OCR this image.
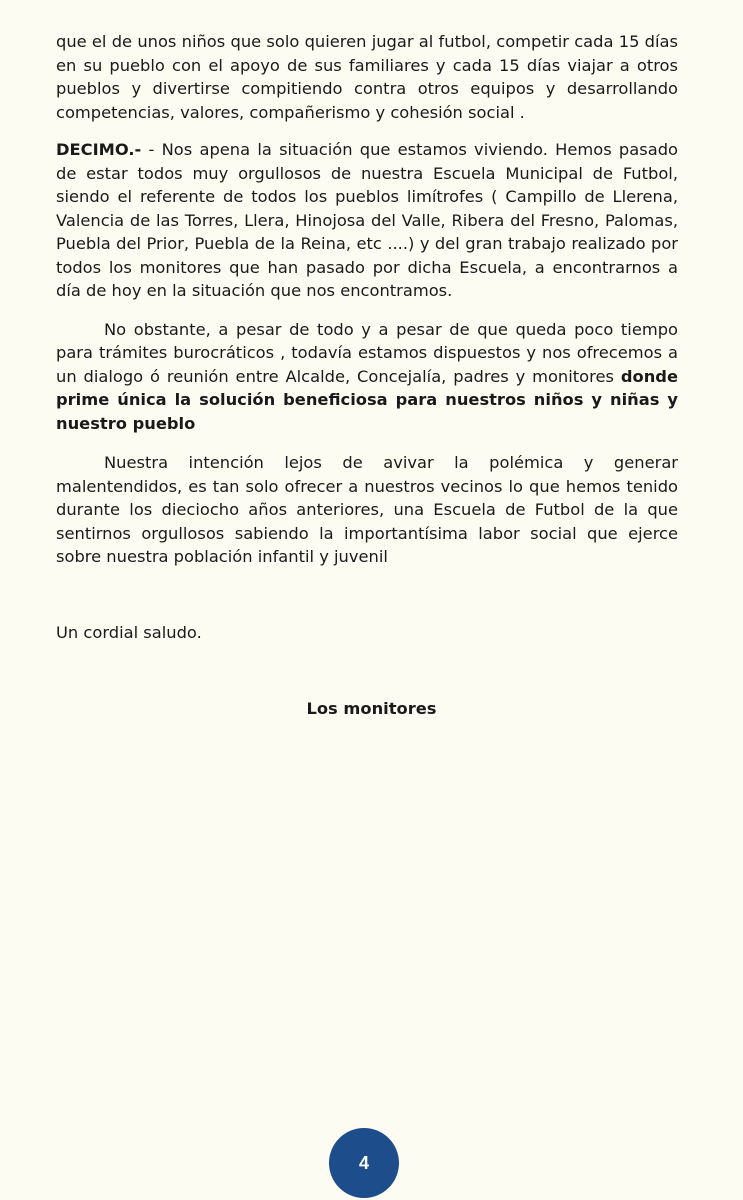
que el de unos niños que solo quieren jugar al futbol, competir cada 15 días en su pueblo con el apoyo de sus familiares y cada 15 días viajar a otros pueblos y divertirse compitiendo contra otros equipos y desarrollando competencias, valores, compañerismo y cohesión social .

DECIMO.- - Nos apena la situación que estamos viviendo. Hemos pasado de estar todos muy orgullosos de nuestra Escuela Municipal de Futbol, siendo el referente de todos los pueblos limítrofes ( Campillo de Llerena, Valencia de las Torres, Llera, Hinojosa del Valle, Ribera del Fresno, Palomas, Puebla del Prior, Puebla de la Reina, etc ....) y del gran trabajo realizado por todos los monitores que han pasado por dicha Escuela, a encontrarnos a día de hoy en la situación que nos encontramos.

No obstante, a pesar de todo y a pesar de que queda poco tiempo para trámites burocráticos , todavía estamos dispuestos y nos ofrecemos a un dialogo ó reunión entre Alcalde, Concejalía, padres y monitores donde prime única la solución beneficiosa para nuestros niños y niñas y nuestro pueblo

Nuestra intención lejos de avivar la polémica y generar malentendidos, es tan solo ofrecer a nuestros vecinos lo que hemos tenido durante los dieciocho años anteriores, una Escuela de Futbol de la que sentirnos orgullosos sabiendo la importantísima labor social que ejerce sobre nuestra población infantil y juvenil

Un cordial saludo.
Los monitores
4
